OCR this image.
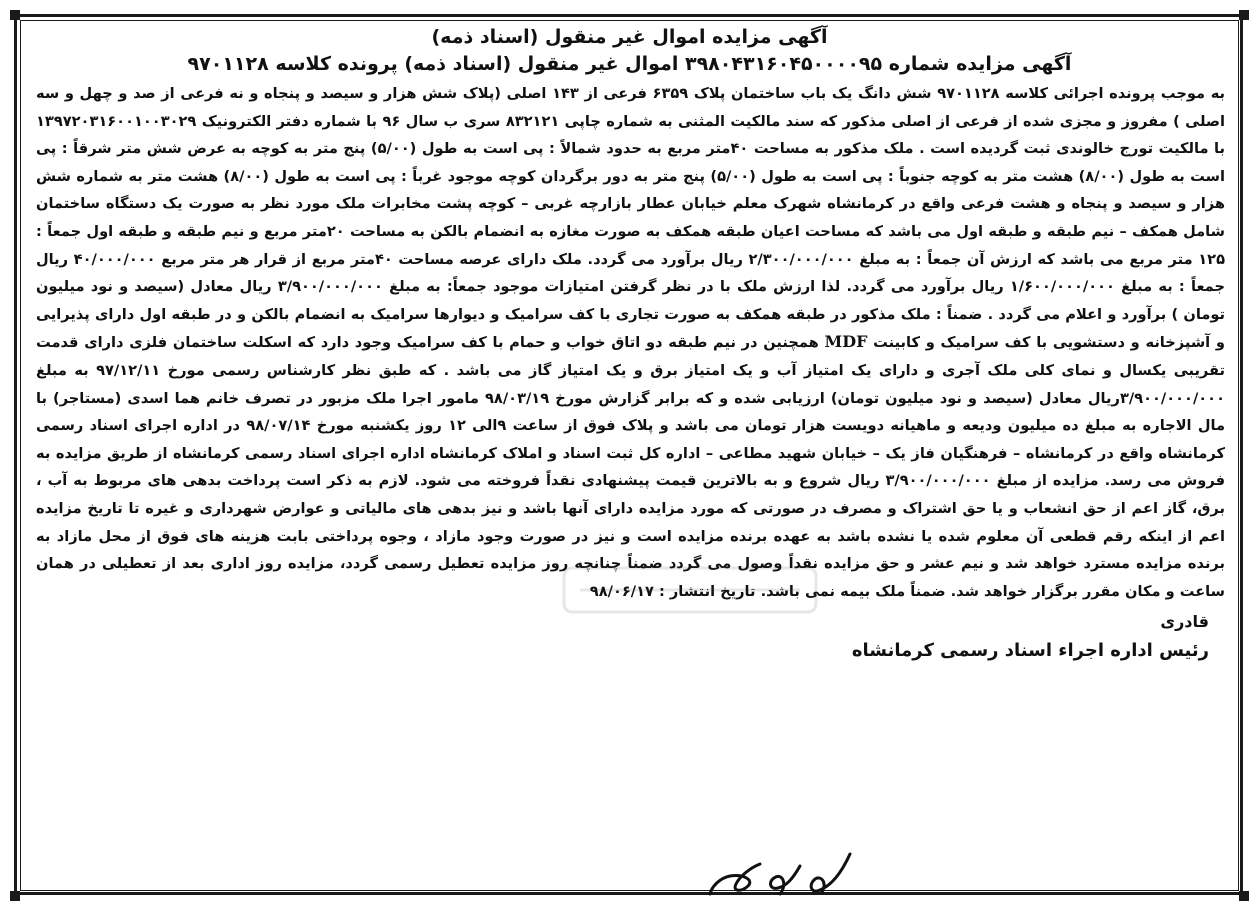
آگهی مزایده اموال غیر منقول (اسناد ذمه)

آگهی مزایده شماره ۳۹۸۰۴۳۱۶۰۴۵۰۰۰۰۹۵ اموال غیر منقول (اسناد ذمه) پرونده کلاسه ۹۷۰۱۱۲۸

به موجب پرونده اجرائی کلاسه ۹۷۰۱۱۲۸ شش دانگ یک باب ساختمان پلاک ۶۳۵۹ فرعی از ۱۴۳ اصلی (پلاک شش هزار و سیصد و پنجاه و نه فرعی از صد و چهل و سه اصلی ) مفروز و مجزی شده از فرعی از اصلی مذکور که سند مالکیت المثنی به شماره چاپی ۸۳۲۱۲۱ سری ب سال ۹۶ با شماره دفتر الکترونیک ۱۳۹۷۲۰۳۱۶۰۰۱۰۰۳۰۲۹ با مالکیت تورج خالوندی ثبت گردیده است . ملک مذکور به مساحت ۴۰متر مربع به حدود شمالاً : پی است به طول (۵/۰۰) پنج متر به کوچه به عرض شش متر شرقاً : پی است به طول (۸/۰۰) هشت متر به کوچه جنوباً : پی است به طول (۵/۰۰) پنج متر به دور برگردان کوچه موجود غرباً : پی است به طول (۸/۰۰) هشت متر به شماره شش هزار و سیصد و پنجاه و هشت فرعی واقع در کرمانشاه شهرک معلم خیابان عطار بازارچه غربی – کوچه پشت مخابرات ملک مورد نظر به صورت یک دستگاه ساختمان شامل همکف – نیم طبقه و طبقه اول می باشد که مساحت اعیان طبقه همکف به صورت مغازه به انضمام بالکن به مساحت ۲۰متر مربع و نیم طبقه و طبقه اول جمعاً : ۱۲۵ متر مربع می باشد که ارزش آن جمعاً : به مبلغ ۲/۳۰۰/۰۰۰/۰۰۰ ریال برآورد می گردد. ملک دارای عرصه مساحت ۴۰متر مربع از قرار هر متر مربع ۴۰/۰۰۰/۰۰۰ ریال جمعاً : به مبلغ ۱/۶۰۰/۰۰۰/۰۰۰ ریال برآورد می گردد. لذا ارزش ملک با در نظر گرفتن امتیازات موجود جمعاً: به مبلغ ۳/۹۰۰/۰۰۰/۰۰۰ ریال معادل (سیصد و نود میلیون تومان ) برآورد و اعلام می گردد . ضمناً : ملک مذکور در طبقه همکف به صورت تجاری با کف سرامیک و دیوارها سرامیک به انضمام بالکن و در طبقه اول دارای پذیرایی و آشپزخانه و دستشویی با کف سرامیک و کابینت MDF همچنین در نیم طبقه دو اتاق خواب و حمام با کف سرامیک وجود دارد که اسکلت ساختمان فلزی دارای قدمت تقریبی یکسال و نمای کلی ملک آجری و دارای یک امتیاز آب و یک امتیاز برق و یک امتیاز گاز می باشد . که طبق نظر کارشناس رسمی مورخ ۹۷/۱۲/۱۱ به مبلغ ۳/۹۰۰/۰۰۰/۰۰۰ریال معادل (سیصد و نود میلیون تومان) ارزیابی شده و که برابر گزارش مورخ ۹۸/۰۳/۱۹ مامور اجرا ملک مزبور در تصرف خانم هما اسدی (مستاجر) با مال الاجاره به مبلغ ده میلیون ودیعه و ماهیانه دویست هزار تومان می باشد و پلاک فوق از ساعت ۹الی ۱۲ روز یکشنبه مورخ ۹۸/۰۷/۱۴ در اداره اجرای اسناد رسمی کرمانشاه واقع در کرمانشاه – فرهنگیان فاز یک – خیابان شهید مطاعی – اداره کل ثبت اسناد و املاک کرمانشاه اداره اجرای اسناد رسمی کرمانشاه از طریق مزایده به فروش می رسد. مزایده از مبلغ ۳/۹۰۰/۰۰۰/۰۰۰ ریال شروع و به بالاترین قیمت پیشنهادی نقداً فروخته می شود. لازم به ذکر است پرداخت بدهی های مربوط به آب ، برق، گاز اعم از حق انشعاب و یا حق اشتراک و مصرف در صورتی که مورد مزایده دارای آنها باشد و نیز بدهی های مالیاتی و عوارض شهرداری و غیره تا تاریخ مزایده اعم از اینکه رقم قطعی آن معلوم شده یا نشده باشد به عهده برنده مزایده است و نیز در صورت وجود مازاد ، وجوه پرداختی بابت هزینه های فوق از محل مازاد به برنده مزایده مسترد خواهد شد و نیم عشر و حق مزایده نقداً وصول می گردد ضمناً چنانچه روز مزایده تعطیل رسمی گردد، مزایده روز اداری بعد از تعطیلی در همان ساعت و مکان مقرر برگزار خواهد شد. ضمناً ملک بیمه نمی باشد. تاریخ انتشار : ۹۸/۰۶/۱۷

قادری

رئیس اداره اجراء اسناد رسمی کرمانشاه
